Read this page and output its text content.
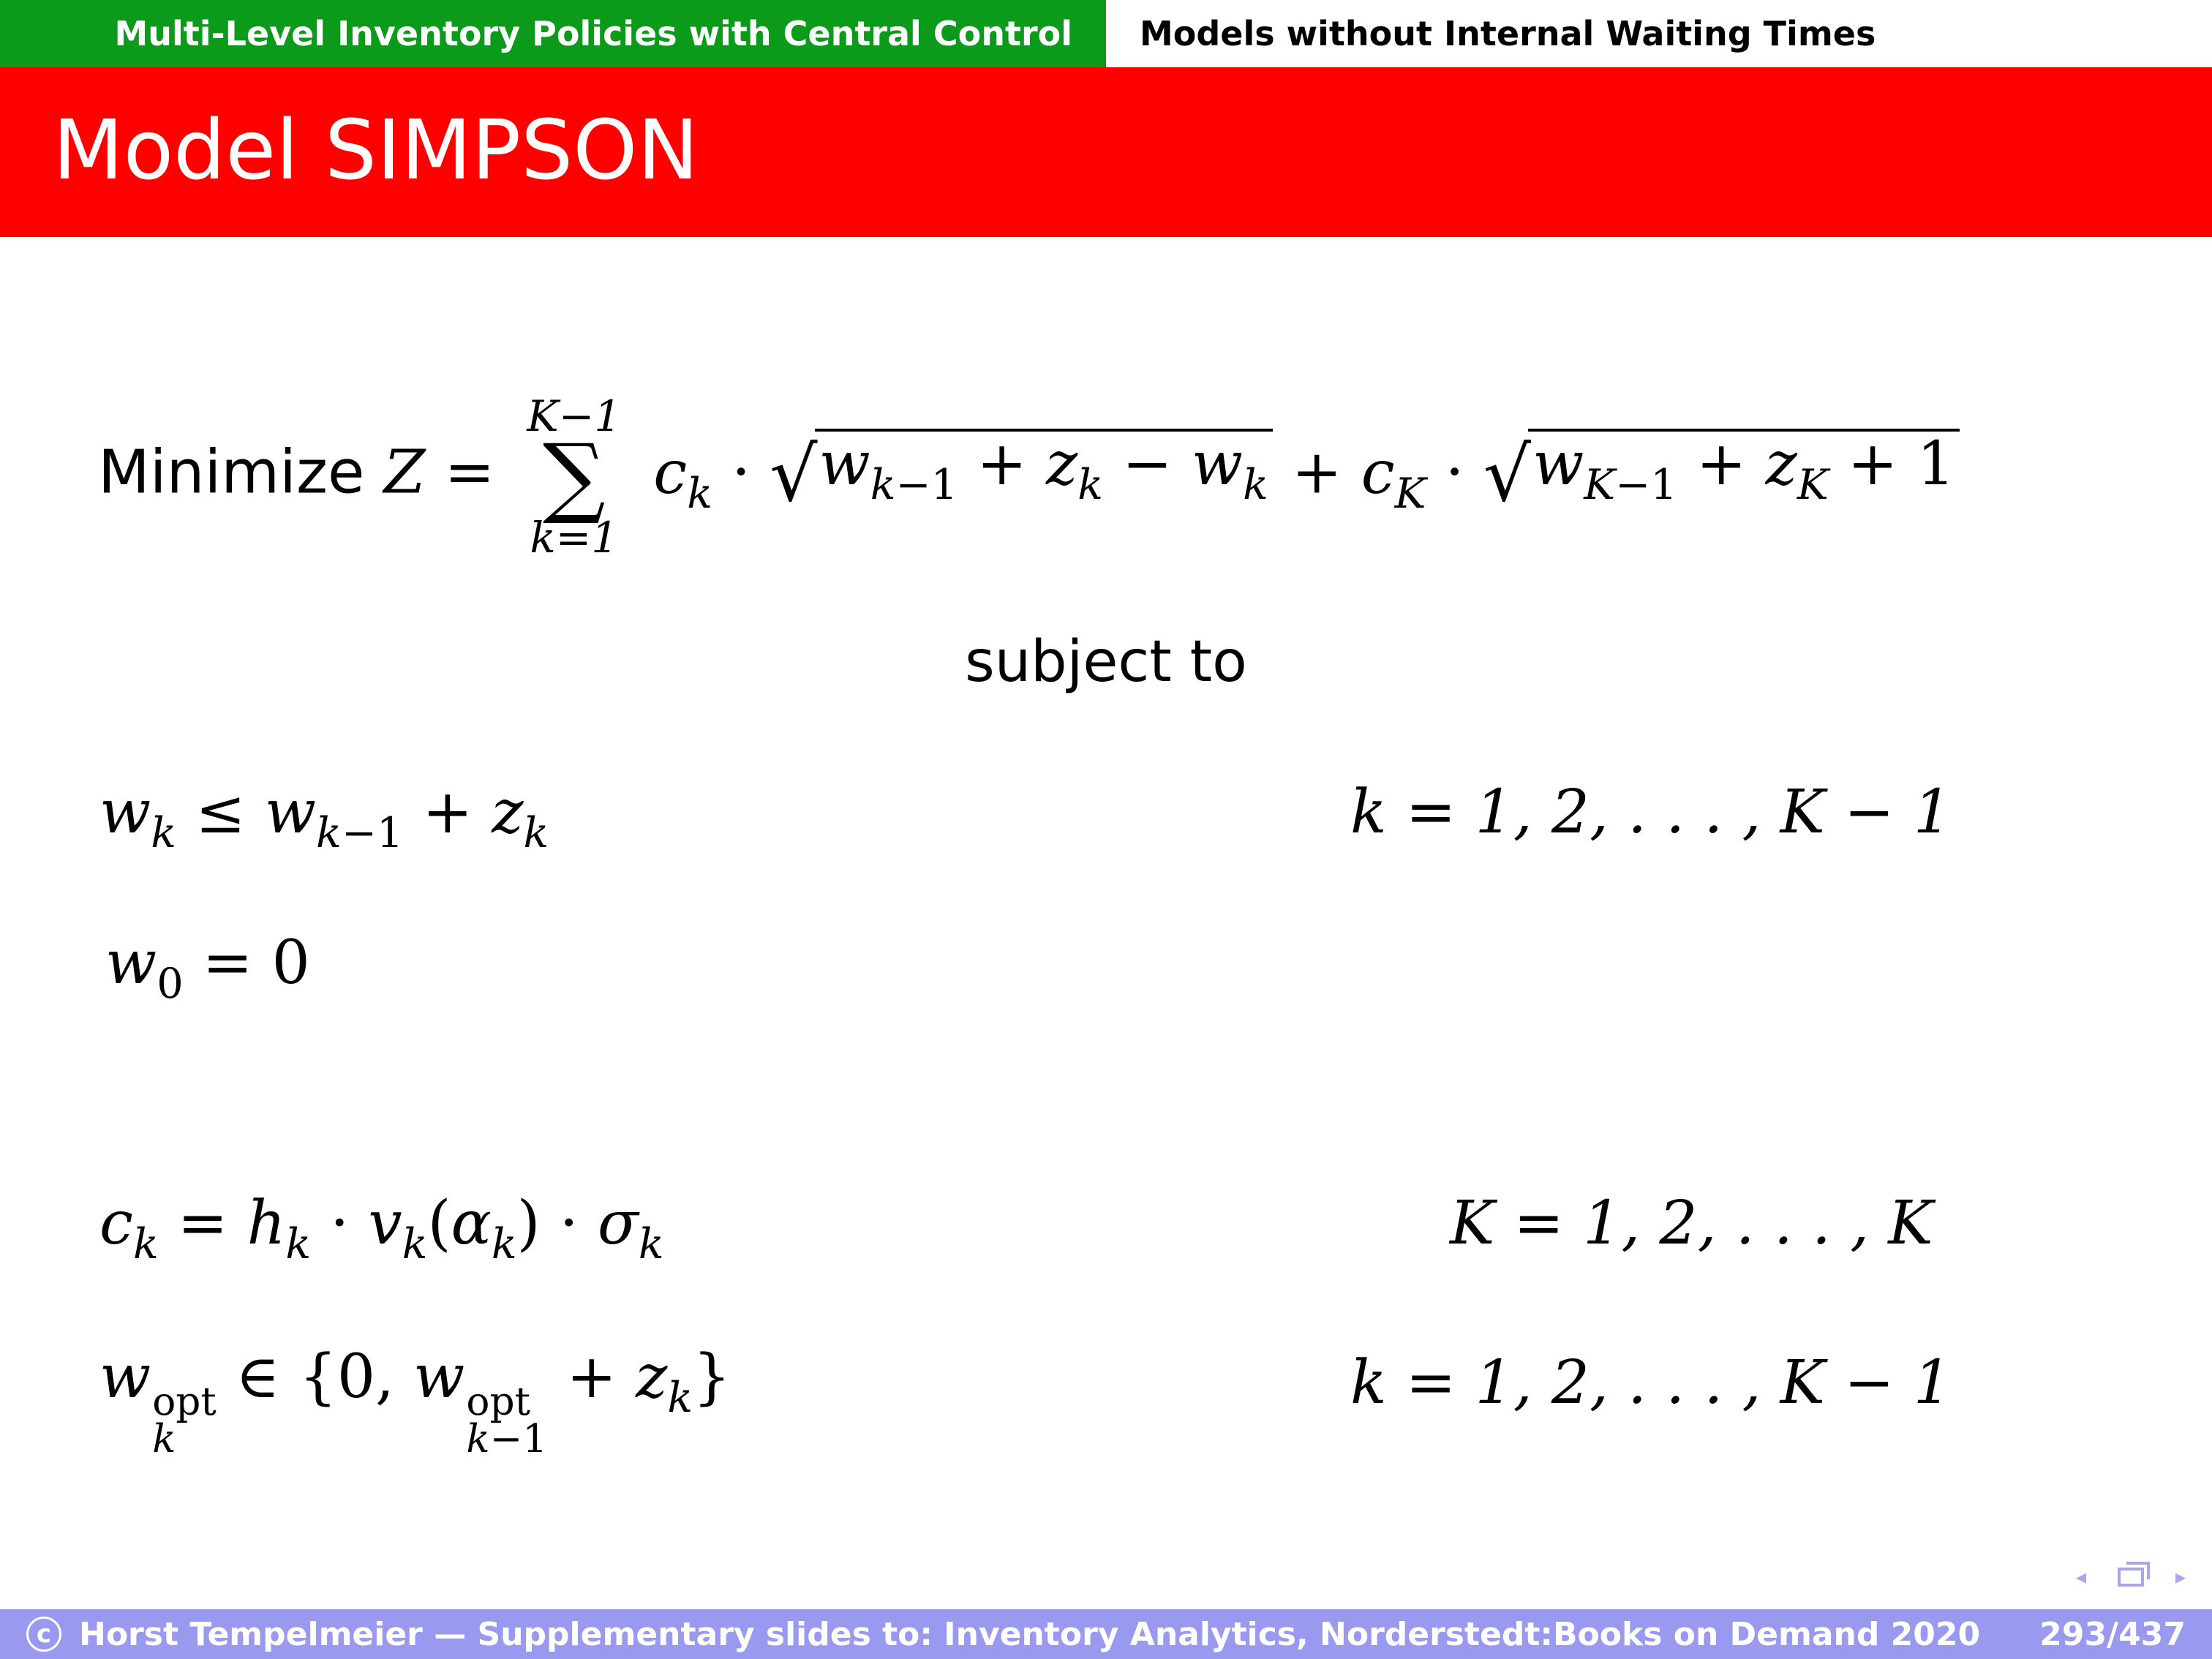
Multi-Level Inventory Policies with Central Control Models without Internal Waiting Times
Model SIMPSON
Minimize Z =
K−1
∑
k=1
$c_k$ · √ $w_{k-1} + z_k - w_k + c_K$ · √ $w_{K-1} + z_K + 1$
subject to
$w_k \le w_{k-1} + z_k$	k = 1, 2, . . . , K − 1
$w_0 = 0$
$c_k = h_k \cdot v_k(\alpha_k) \cdot \sigma_k$	K = 1, 2, . . . , K
w opt
k
∈ {0, w opt
k−1
+ $z_k$}	k = 1, 2, . . . , K − 1
◂	▸
c Horst Tempelmeier — Supplementary slides to: Inventory Analytics, Norderstedt:Books on Demand 2020	293/437
